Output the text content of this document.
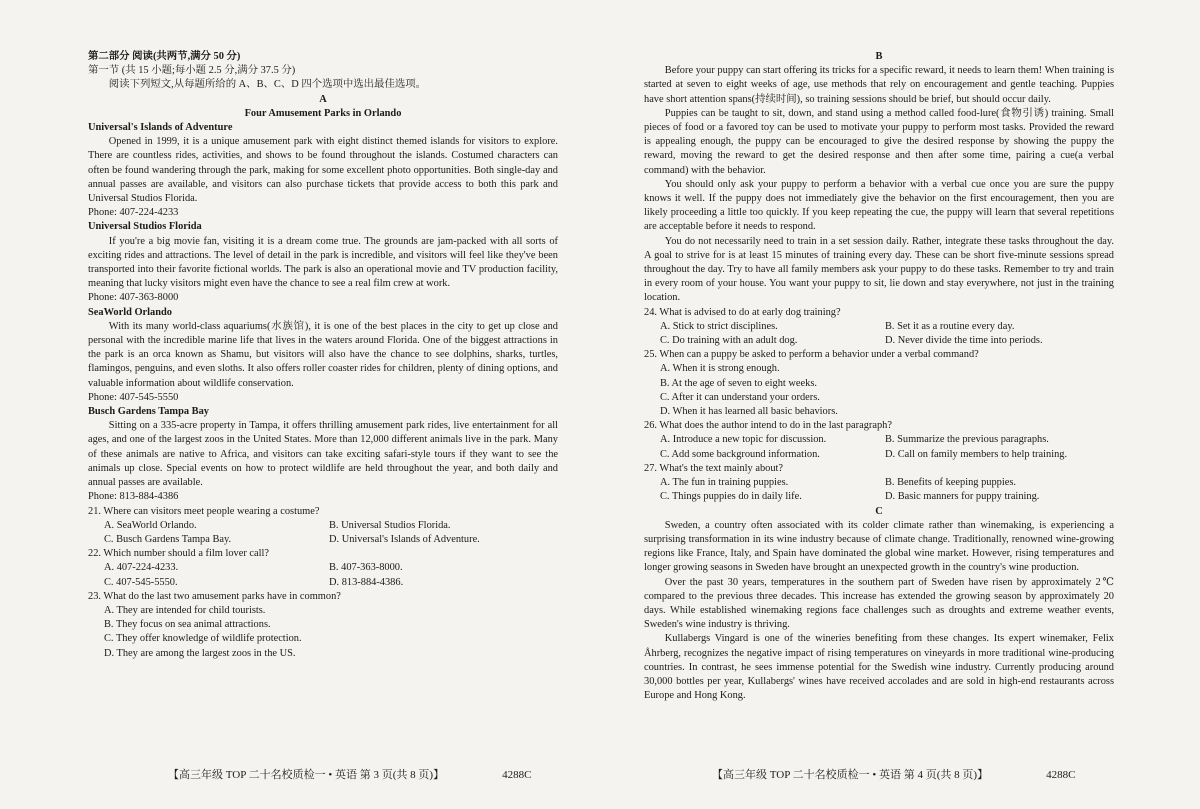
第二部分 阅读(共两节,满分 50 分)

第一节 (共 15 小题;每小题 2.5 分,满分 37.5 分)

阅读下列短文,从每题所给的 A、B、C、D 四个选项中选出最佳选项。

A

Four Amusement Parks in Orlando

Universal's Islands of Adventure

Opened in 1999, it is a unique amusement park with eight distinct themed islands for visitors to explore. There are countless rides, activities, and shows to be found throughout the islands. Costumed characters can often be found wandering through the park, making for some excellent photo opportunities. Both single-day and annual passes are available, and visitors can also purchase tickets that provide access to both this park and Universal Studios Florida.

Phone: 407-224-4233

Universal Studios Florida

If you're a big movie fan, visiting it is a dream come true. The grounds are jam-packed with all sorts of exciting rides and attractions. The level of detail in the park is incredible, and visitors will feel like they've been transported into their favorite fictional worlds. The park is also an operational movie and TV production facility, meaning that lucky visitors might even have the chance to see a real film crew at work.

Phone: 407-363-8000

SeaWorld Orlando

With its many world-class aquariums(水族馆), it is one of the best places in the city to get up close and personal with the incredible marine life that lives in the waters around Florida. One of the biggest attractions in the park is an orca known as Shamu, but visitors will also have the chance to see dolphins, sharks, turtles, flamingos, penguins, and even sloths. It also offers roller coaster rides for children, plenty of dining options, and valuable information about wildlife conservation.

Phone: 407-545-5550

Busch Gardens Tampa Bay

Sitting on a 335-acre property in Tampa, it offers thrilling amusement park rides, live entertainment for all ages, and one of the largest zoos in the United States. More than 12,000 different animals live in the park. Many of these animals are native to Africa, and visitors can take exciting safari-style tours if they want to see the animals up close. Special events on how to protect wildlife are held throughout the year, and both daily and annual passes are available.

Phone: 813-884-4386

21. Where can visitors meet people wearing a costume?

A. SeaWorld Orlando.	B. Universal Studios Florida.
C. Busch Gardens Tampa Bay.	D. Universal's Islands of Adventure.

22. Which number should a film lover call?

A. 407-224-4233.	B. 407-363-8000.
C. 407-545-5550.	D. 813-884-4386.

23. What do the last two amusement parks have in common?

A. They are intended for child tourists.

B. They focus on sea animal attractions.

C. They offer knowledge of wildlife protection.

D. They are among the largest zoos in the US.

【高三年级 TOP 二十名校质检一 • 英语 第 3 页(共 8 页)】	4288C

B

Before your puppy can start offering its tricks for a specific reward, it needs to learn them! When training is started at seven to eight weeks of age, use methods that rely on encouragement and gentle teaching. Puppies have short attention spans(持续时间), so training sessions should be brief, but should occur daily.

Puppies can be taught to sit, down, and stand using a method called food-lure(食物引诱) training. Small pieces of food or a favored toy can be used to motivate your puppy to perform most tasks. Provided the reward is appealing enough, the puppy can be encouraged to give the desired response by showing the puppy the reward, moving the reward to get the desired response and then after some time, pairing a cue(a verbal command) with the behavior.

You should only ask your puppy to perform a behavior with a verbal cue once you are sure the puppy knows it well. If the puppy does not immediately give the behavior on the first encouragement, then you are likely proceeding a little too quickly. If you keep repeating the cue, the puppy will learn that several repetitions are acceptable before it needs to respond.

You do not necessarily need to train in a set session daily. Rather, integrate these tasks throughout the day. A goal to strive for is at least 15 minutes of training every day. These can be short five-minute sessions spread throughout the day. Try to have all family members ask your puppy to do these tasks. Remember to try and train in every room of your house. You want your puppy to sit, lie down and stay everywhere, not just in the training location.

24. What is advised to do at early dog training?

A. Stick to strict disciplines.	B. Set it as a routine every day.
C. Do training with an adult dog.	D. Never divide the time into periods.

25. When can a puppy be asked to perform a behavior under a verbal command?

A. When it is strong enough.

B. At the age of seven to eight weeks.

C. After it can understand your orders.

D. When it has learned all basic behaviors.

26. What does the author intend to do in the last paragraph?

A. Introduce a new topic for discussion.	B. Summarize the previous paragraphs.
C. Add some background information.	D. Call on family members to help training.

27. What's the text mainly about?

A. The fun in training puppies.	B. Benefits of keeping puppies.
C. Things puppies do in daily life.	D. Basic manners for puppy training.

C

Sweden, a country often associated with its colder climate rather than winemaking, is experiencing a surprising transformation in its wine industry because of climate change. Traditionally, renowned wine-growing regions like France, Italy, and Spain have dominated the global wine market. However, rising temperatures and longer growing seasons in Sweden have brought an unexpected growth in the country's wine production.

Over the past 30 years, temperatures in the southern part of Sweden have risen by approximately 2℃ compared to the previous three decades. This increase has extended the growing season by approximately 20 days. While established winemaking regions face challenges such as droughts and extreme weather events, Sweden's wine industry is thriving.

Kullabergs Vingard is one of the wineries benefiting from these changes. Its expert winemaker, Felix Åhrberg, recognizes the negative impact of rising temperatures on vineyards in more traditional wine-producing countries. In contrast, he sees immense potential for the Swedish wine industry. Currently producing around 30,000 bottles per year, Kullabergs' wines have received accolades and are sold in high-end restaurants across Europe and Hong Kong.

【高三年级 TOP 二十名校质检一 • 英语 第 4 页(共 8 页)】	4288C
